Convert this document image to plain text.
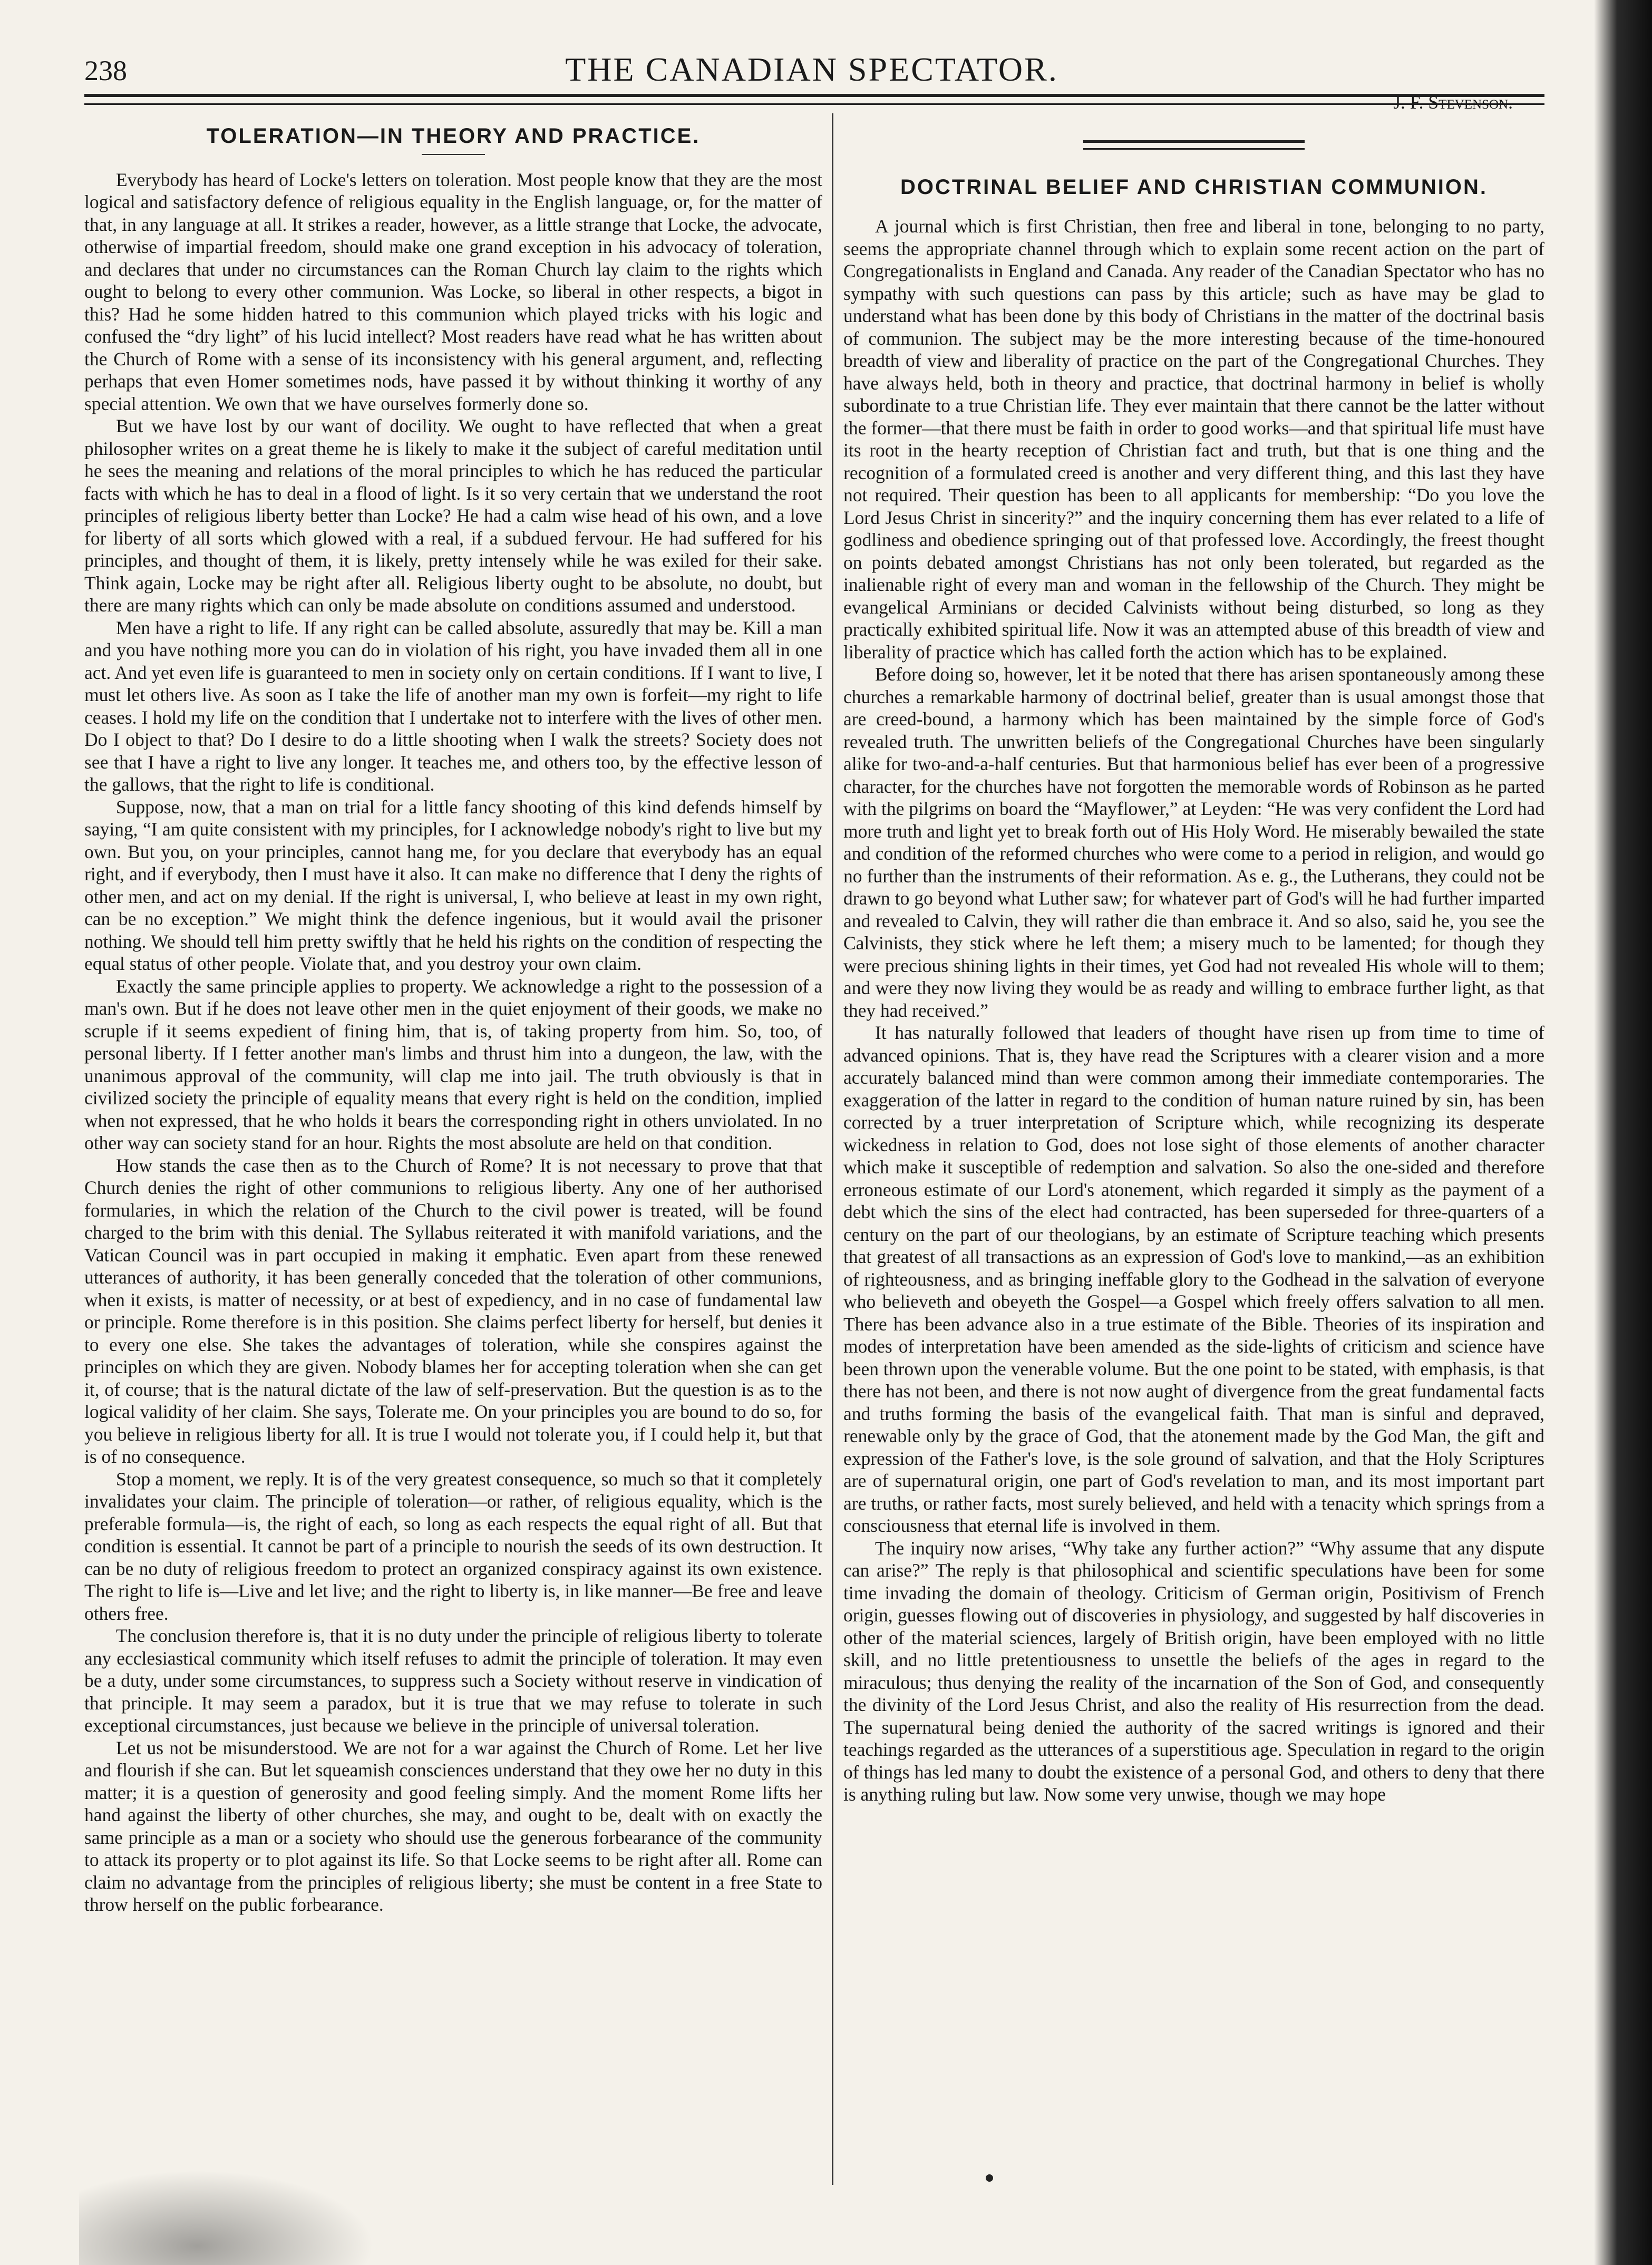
238	THE CANADIAN SPECTATOR.
TOLERATION—IN THEORY AND PRACTICE.

Everybody has heard of Locke's letters on toleration. Most people know that they are the most logical and satisfactory defence of religious equality in the English language, or, for the matter of that, in any language at all. It strikes a reader, however, as a little strange that Locke, the advocate, otherwise of impartial freedom, should make one grand exception in his advocacy of toleration, and declares that under no circumstances can the Roman Church lay claim to the rights which ought to belong to every other communion. Was Locke, so liberal in other respects, a bigot in this? Had he some hidden hatred to this communion which played tricks with his logic and confused the “dry light” of his lucid intellect? Most readers have read what he has written about the Church of Rome with a sense of its inconsistency with his general argument, and, reflecting perhaps that even Homer sometimes nods, have passed it by without thinking it worthy of any special attention. We own that we have ourselves formerly done so.

But we have lost by our want of docility. We ought to have reflected that when a great philosopher writes on a great theme he is likely to make it the subject of careful meditation until he sees the meaning and relations of the moral principles to which he has reduced the particular facts with which he has to deal in a flood of light. Is it so very certain that we understand the root principles of religious liberty better than Locke? He had a calm wise head of his own, and a love for liberty of all sorts which glowed with a real, if a subdued fervour. He had suffered for his principles, and thought of them, it is likely, pretty intensely while he was exiled for their sake. Think again, Locke may be right after all. Religious liberty ought to be absolute, no doubt, but there are many rights which can only be made absolute on conditions assumed and understood.

Men have a right to life. If any right can be called absolute, assuredly that may be. Kill a man and you have nothing more you can do in violation of his right, you have invaded them all in one act. And yet even life is guaranteed to men in society only on certain conditions. If I want to live, I must let others live. As soon as I take the life of another man my own is forfeit—my right to life ceases. I hold my life on the condition that I undertake not to interfere with the lives of other men. Do I object to that? Do I desire to do a little shooting when I walk the streets? Society does not see that I have a right to live any longer. It teaches me, and others too, by the effective lesson of the gallows, that the right to life is conditional.

Suppose, now, that a man on trial for a little fancy shooting of this kind defends himself by saying, “I am quite consistent with my principles, for I acknowledge nobody's right to live but my own. But you, on your principles, cannot hang me, for you declare that everybody has an equal right, and if everybody, then I must have it also. It can make no difference that I deny the rights of other men, and act on my denial. If the right is universal, I, who believe at least in my own right, can be no exception.” We might think the defence ingenious, but it would avail the prisoner nothing. We should tell him pretty swiftly that he held his rights on the condition of respecting the equal status of other people. Violate that, and you destroy your own claim.

Exactly the same principle applies to property. We acknowledge a right to the possession of a man's own. But if he does not leave other men in the quiet enjoyment of their goods, we make no scruple if it seems expedient of fining him, that is, of taking property from him. So, too, of personal liberty. If I fetter another man's limbs and thrust him into a dungeon, the law, with the unanimous approval of the community, will clap me into jail. The truth obviously is that in civilized society the principle of equality means that every right is held on the condition, implied when not expressed, that he who holds it bears the corresponding right in others unviolated. In no other way can society stand for an hour. Rights the most absolute are held on that condition.

How stands the case then as to the Church of Rome? It is not necessary to prove that that Church denies the right of other communions to religious liberty. Any one of her authorised formularies, in which the relation of the Church to the civil power is treated, will be found charged to the brim with this denial. The Syllabus reiterated it with manifold variations, and the Vatican Council was in part occupied in making it emphatic. Even apart from these renewed utterances of authority, it has been generally conceded that the toleration of other communions, when it exists, is matter of necessity, or at best of expediency, and in no case of fundamental law or principle. Rome therefore is in this position. She claims perfect liberty for herself, but denies it to every one else. She takes the advantages of toleration, while she conspires against the principles on which they are given. Nobody blames her for accepting toleration when she can get it, of course; that is the natural dictate of the law of self-preservation. But the question is as to the logical validity of her claim. She says, Tolerate me. On your principles you are bound to do so, for you believe in religious liberty for all. It is true I would not tolerate you, if I could help it, but that is of no consequence.

Stop a moment, we reply. It is of the very greatest consequence, so much so that it completely invalidates your claim. The principle of toleration—or rather, of religious equality, which is the preferable formula—is, the right of each, so long as each respects the equal right of all. But that condition is essential. It cannot be part of a principle to nourish the seeds of its own destruction. It can be no duty of religious freedom to protect an organized conspiracy against its own existence. The right to life is—Live and let live; and the right to liberty is, in like manner—Be free and leave others free.

The conclusion therefore is, that it is no duty under the principle of religious liberty to tolerate any ecclesiastical community which itself refuses to admit the principle of toleration. It may even be a duty, under some circumstances, to suppress such a Society without reserve in vindication of that principle. It may seem a paradox, but it is true that we may refuse to tolerate in such exceptional circumstances, just because we believe in the principle of universal toleration.

Let us not be misunderstood. We are not for a war against the Church of Rome. Let her live and flourish if she can. But let squeamish consciences understand that they owe her no duty in this matter; it is a question of generosity and good feeling simply. And the moment Rome lifts her hand against the liberty of other churches, she may, and ought to be, dealt with on exactly the same principle as a man or a society who should use the generous forbearance of the community to attack its property or to plot against its life. So that Locke seems to be right after all. Rome can claim no advantage from the principles of religious liberty; she must be content in a free State to throw herself on the public forbearance.

J. F. Stevenson.
DOCTRINAL BELIEF AND CHRISTIAN COMMUNION.

A journal which is first Christian, then free and liberal in tone, belonging to no party, seems the appropriate channel through which to explain some recent action on the part of Congregationalists in England and Canada. Any reader of the Canadian Spectator who has no sympathy with such questions can pass by this article; such as have may be glad to understand what has been done by this body of Christians in the matter of the doctrinal basis of communion. The subject may be the more interesting because of the time-honoured breadth of view and liberality of practice on the part of the Congregational Churches. They have always held, both in theory and practice, that doctrinal harmony in belief is wholly subordinate to a true Christian life. They ever maintain that there cannot be the latter without the former—that there must be faith in order to good works—and that spiritual life must have its root in the hearty reception of Christian fact and truth, but that is one thing and the recognition of a formulated creed is another and very different thing, and this last they have not required. Their question has been to all applicants for membership: “Do you love the Lord Jesus Christ in sincerity?” and the inquiry concerning them has ever related to a life of godliness and obedience springing out of that professed love. Accordingly, the freest thought on points debated amongst Christians has not only been tolerated, but regarded as the inalienable right of every man and woman in the fellowship of the Church. They might be evangelical Arminians or decided Calvinists without being disturbed, so long as they practically exhibited spiritual life. Now it was an attempted abuse of this breadth of view and liberality of practice which has called forth the action which has to be explained.

Before doing so, however, let it be noted that there has arisen spontaneously among these churches a remarkable harmony of doctrinal belief, greater than is usual amongst those that are creed-bound, a harmony which has been maintained by the simple force of God's revealed truth. The unwritten beliefs of the Congregational Churches have been singularly alike for two-and-a-half centuries. But that harmonious belief has ever been of a progressive character, for the churches have not forgotten the memorable words of Robinson as he parted with the pilgrims on board the “Mayflower,” at Leyden: “He was very confident the Lord had more truth and light yet to break forth out of His Holy Word. He miserably bewailed the state and condition of the reformed churches who were come to a period in religion, and would go no further than the instruments of their reformation. As e. g., the Lutherans, they could not be drawn to go beyond what Luther saw; for whatever part of God's will he had further imparted and revealed to Calvin, they will rather die than embrace it. And so also, said he, you see the Calvinists, they stick where he left them; a misery much to be lamented; for though they were precious shining lights in their times, yet God had not revealed His whole will to them; and were they now living they would be as ready and willing to embrace further light, as that they had received.”

It has naturally followed that leaders of thought have risen up from time to time of advanced opinions. That is, they have read the Scriptures with a clearer vision and a more accurately balanced mind than were common among their immediate contemporaries. The exaggeration of the latter in regard to the condition of human nature ruined by sin, has been corrected by a truer interpretation of Scripture which, while recognizing its desperate wickedness in relation to God, does not lose sight of those elements of another character which make it susceptible of redemption and salvation. So also the one-sided and therefore erroneous estimate of our Lord's atonement, which regarded it simply as the payment of a debt which the sins of the elect had contracted, has been superseded for three-quarters of a century on the part of our theologians, by an estimate of Scripture teaching which presents that greatest of all transactions as an expression of God's love to mankind,—as an exhibition of righteousness, and as bringing ineffable glory to the Godhead in the salvation of everyone who believeth and obeyeth the Gospel—a Gospel which freely offers salvation to all men. There has been advance also in a true estimate of the Bible. Theories of its inspiration and modes of interpretation have been amended as the side-lights of criticism and science have been thrown upon the venerable volume. But the one point to be stated, with emphasis, is that there has not been, and there is not now aught of divergence from the great fundamental facts and truths forming the basis of the evangelical faith. That man is sinful and depraved, renewable only by the grace of God, that the atonement made by the God Man, the gift and expression of the Father's love, is the sole ground of salvation, and that the Holy Scriptures are of supernatural origin, one part of God's revelation to man, and its most important part are truths, or rather facts, most surely believed, and held with a tenacity which springs from a consciousness that eternal life is involved in them.

The inquiry now arises, “Why take any further action?” “Why assume that any dispute can arise?” The reply is that philosophical and scientific speculations have been for some time invading the domain of theology. Criticism of German origin, Positivism of French origin, guesses flowing out of discoveries in physiology, and suggested by half discoveries in other of the material sciences, largely of British origin, have been employed with no little skill, and no little pretentiousness to unsettle the beliefs of the ages in regard to the miraculous; thus denying the reality of the incarnation of the Son of God, and consequently the divinity of the Lord Jesus Christ, and also the reality of His resurrection from the dead. The supernatural being denied the authority of the sacred writings is ignored and their teachings regarded as the utterances of a superstitious age. Speculation in regard to the origin of things has led many to doubt the existence of a personal God, and others to deny that there is anything ruling but law. Now some very unwise, though we may hope
